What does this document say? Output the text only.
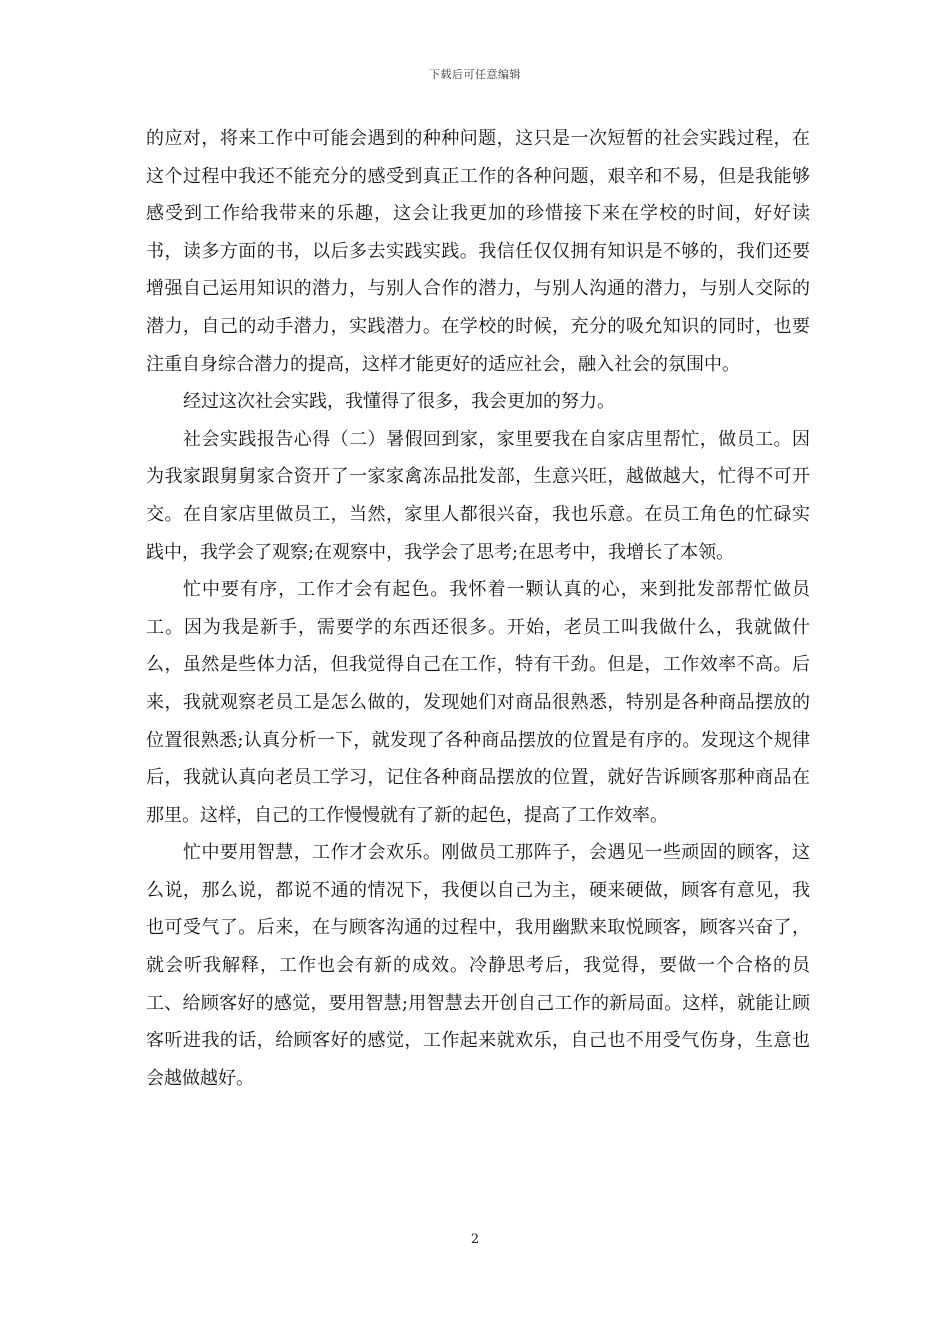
下载后可任意编辑

的应对，将来工作中可能会遇到的种种问题，这只是一次短暂的社会实践过程，在这个过程中我还不能充分的感受到真正工作的各种问题，艰辛和不易，但是我能够感受到工作给我带来的乐趣，这会让我更加的珍惜接下来在学校的时间，好好读书，读多方面的书，以后多去实践实践。我信任仅仅拥有知识是不够的，我们还要增强自己运用知识的潜力，与别人合作的潜力，与别人沟通的潜力，与别人交际的潜力，自己的动手潜力，实践潜力。在学校的时候，充分的吸允知识的同时，也要注重自身综合潜力的提高，这样才能更好的适应社会，融入社会的氛围中。

经过这次社会实践，我懂得了很多，我会更加的努力。

社会实践报告心得（二）暑假回到家，家里要我在自家店里帮忙，做员工。因为我家跟舅舅家合资开了一家家禽冻品批发部，生意兴旺，越做越大，忙得不可开交。在自家店里做员工，当然，家里人都很兴奋，我也乐意。在员工角色的忙碌实践中，我学会了观察;在观察中，我学会了思考;在思考中，我增长了本领。

忙中要有序，工作才会有起色。我怀着一颗认真的心，来到批发部帮忙做员工。因为我是新手，需要学的东西还很多。开始，老员工叫我做什么，我就做什么，虽然是些体力活，但我觉得自己在工作，特有干劲。但是，工作效率不高。后来，我就观察老员工是怎么做的，发现她们对商品很熟悉，特别是各种商品摆放的位置很熟悉;认真分析一下，就发现了各种商品摆放的位置是有序的。发现这个规律后，我就认真向老员工学习，记住各种商品摆放的位置，就好告诉顾客那种商品在那里。这样，自己的工作慢慢就有了新的起色，提高了工作效率。

忙中要用智慧，工作才会欢乐。刚做员工那阵子，会遇见一些顽固的顾客，这么说，那么说，都说不通的情况下，我便以自己为主，硬来硬做，顾客有意见，我也可受气了。后来，在与顾客沟通的过程中，我用幽默来取悦顾客，顾客兴奋了，就会听我解释，工作也会有新的成效。冷静思考后，我觉得，要做一个合格的员工、给顾客好的感觉，要用智慧;用智慧去开创自己工作的新局面。这样，就能让顾客听进我的话，给顾客好的感觉，工作起来就欢乐，自己也不用受气伤身，生意也会越做越好。

2
